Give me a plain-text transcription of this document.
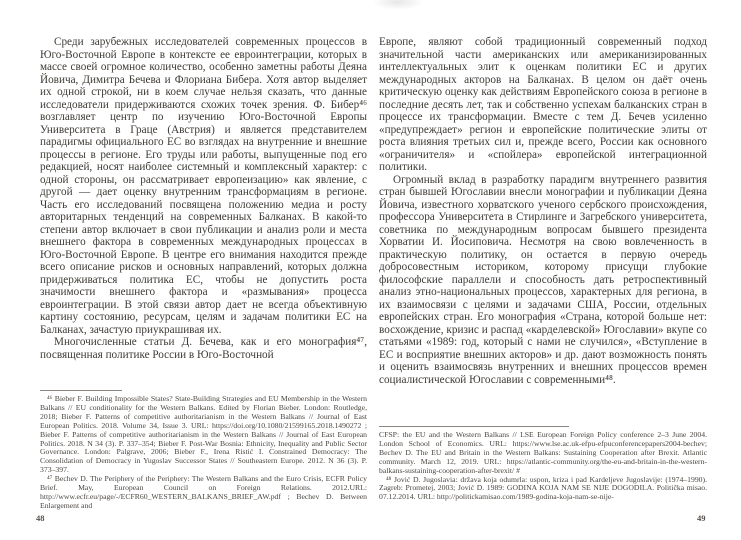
Среди зарубежных исследователей современных процессов в Юго-Восточной Европе в контексте ее евроинтеграции, которых в массе своей огромное количество, особенно заметны работы Деяна Йовича, Димитра Бечева и Флориана Бибера. Хотя автор выделяет их одной строкой, ни в коем случае нельзя сказать, что данные исследователи придерживаются схожих точек зрения. Ф. Бибер⁴⁶ возглавляет центр по изучению Юго-Восточной Европы Университета в Граце (Австрия) и является представителем парадигмы официального ЕС во взглядах на внутренние и внешние процессы в регионе. Его труды или работы, выпущенные под его редакцией, носят наиболее системный и комплексный характер: с одной стороны, он рассматривает европеизацию» как явление, с другой — дает оценку внутренним трансформациям в регионе. Часть его исследований посвящена положению медиа и росту авторитарных тенденций на современных Балканах. В какой-то степени автор включает в свои публикации и анализ роли и места внешнего фактора в современных международных процессах в Юго-Восточной Европе. В центре его внимания находится прежде всего описание рисков и основных направлений, которых должна придерживаться политика ЕС, чтобы не допустить роста значимости внешнего фактора и «размывания» процесса евроинтеграции. В этой связи автор дает не всегда объективную картину состоянию, ресурсам, целям и задачам политики ЕС на Балканах, зачастую приукрашивая их.

Многочисленные статьи Д. Бечева, как и его монография⁴⁷, посвященная политике России в Юго-Восточной

⁴⁶ Bieber F. Building Impossible States? State-Building Strategies and EU Membership in the Western Balkans // EU conditionality for the Western Balkans. Edited by Florian Bieber. London: Routledge, 2018; Bieber F. Patterns of competitive authoritarianism in the Western Balkans // Journal of East European Politics. 2018. Volume 34, Issue 3. URL: https://doi.org/10.1080/21599165.2018.1490272 ; Bieber F. Patterns of competitive authoritarianism in the Western Balkans // Journal of East European Politics. 2018. N 34 (3). P. 337–354; Bieber F. Post-War Bosnia: Ethnicity, Inequality and Public Sector Governance. London: Palgrave, 2006; Bieber F., Irena Ristić I. Constrained Democracy: The Consolidation of Democracy in Yugoslav Successor States // Southeastern Europe. 2012. N 36 (3). P. 373–397.

⁴⁷ Bechev D. The Periphery of the Periphery: The Western Balkans and the Euro Crisis, ECFR Policy Brief. May, European Council on Foreign Relations. 2012.URL: http://www.ecfr.eu/page/-/ECFR60_WESTERN_BALKANS_BRIEF_AW.pdf ; Bechev D. Between Enlargement and

Европе, являют собой традиционный современный подход значительной части американских или американизированных интеллектуальных элит к оценкам политики ЕС и других международных акторов на Балканах. В целом он даёт очень критическую оценку как действиям Европейского союза в регионе в последние десять лет, так и собственно успехам балканских стран в процессе их трансформации. Вместе с тем Д. Бечев усиленно «предупреждает» регион и европейские политические элиты от роста влияния третьих сил и, прежде всего, России как основного «ограничителя» и «спойлера» европейской интеграционной политики.

Огромный вклад в разработку парадигм внутреннего развития стран бывшей Югославии внесли монографии и публикации Деяна Йовича, известного хорватского ученого сербского происхождения, профессора Университета в Стирлинге и Загребского университета, советника по международным вопросам бывшего президента Хорватии И. Йосиповича. Несмотря на свою вовлеченность в практическую политику, он остается в первую очередь добросовестным историком, которому присущи глубокие философские параллели и способность дать ретроспективный анализ этно-национальных процессов, характерных для региона, в их взаимосвязи с целями и задачами США, России, отдельных европейских стран. Его монография «Страна, которой больше нет: восхождение, кризис и распад «карделевской» Югославии» вкупе со статьями «1989: год, который с нами не случился», «Вступление в ЕС и восприятие внешних акторов» и др. дают возможность понять и оценить взаимосвязь внутренних и внешних процессов времен социалистической Югославии с современными⁴⁸.

CFSP: the EU and the Western Balkans // LSE European Foreign Policy conference 2–3 June 2004. London School of Economics. URL: https://www.lse.ac.uk-efpu-efpuconferencepapers2004-bechev; Bechev D. The EU and Britain in the Western Balkans: Sustaining Cooperation after Brexit. Atlantic community. March 12, 2019. URL: https://atlantic-community.org/the-eu-and-britain-in-the-western-balkans-sustaining-cooperation-after-brexit/ #

⁴⁸ Jović D. Jugoslavia: država koja odumrla: uspon, kriza i pad Kardeljeve Jugoslavije: (1974–1990). Zagreb: Prometej, 2003; Jović D. 1989: GODINA KOJA NAM SE NIJE DOGODILA. Politička misao. 07.12.2014. URL: http://politickamisao.com/1989-godina-koja-nam-se-nije-

48	49
